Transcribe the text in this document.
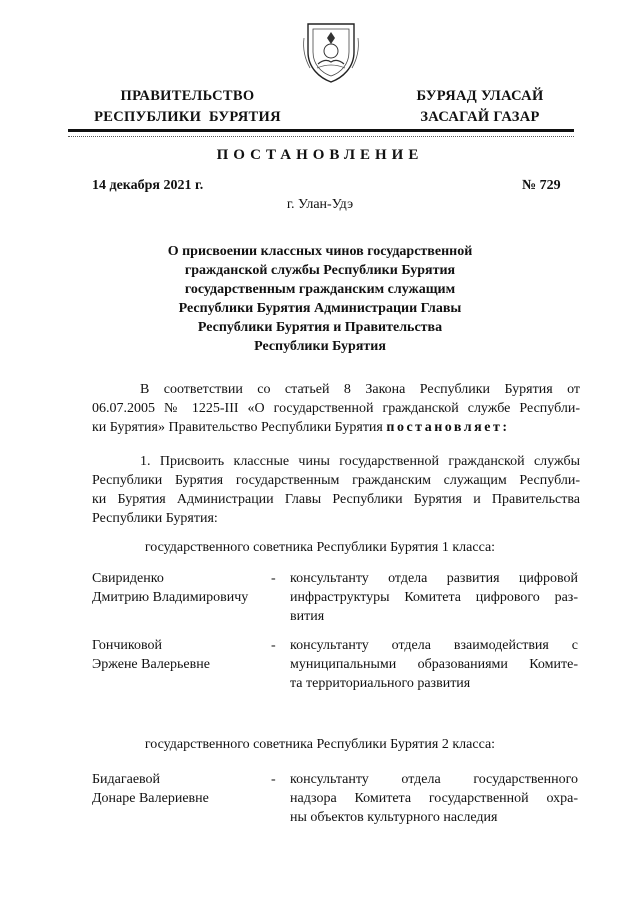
ПРАВИТЕЛЬСТВО
РЕСПУБЛИКИ  БУРЯТИЯ
БУРЯАД УЛАСАЙ
ЗАСАГАЙ ГАЗАР
ПОСТАНОВЛЕНИЕ
14 декабря 2021 г.	№ 729
г. Улан-Удэ
О присвоении классных чинов государственной
гражданской службы Республики Бурятия
государственным гражданским служащим
Республики Бурятия Администрации Главы
Республики Бурятия и Правительства
Республики Бурятия
В соответствии со статьей 8 Закона Республики Бурятия от
06.07.2005 № 1225-III «О государственной гражданской службе Республи-
ки Бурятия» Правительство Республики Бурятия постановляет:
1. Присвоить классные чины государственной гражданской службы
Республики Бурятия государственным гражданским служащим Республи-
ки Бурятия Администрации Главы Республики Бурятия и Правительства
Республики Бурятия:
государственного советника Республики Бурятия 1 класса:
Свириденко
Дмитрию Владимировичу
- консультанту отдела развития цифровой
инфраструктуры Комитета цифрового раз-
вития
Гончиковой
Эржене Валерьевне
- консультанту отдела взаимодействия с
муниципальными образованиями Комите-
та территориального развития
государственного советника Республики Бурятия 2 класса:
Бидагаевой
Донаре Валериевне
- консультанту отдела государственного
надзора Комитета государственной охра-
ны объектов культурного наследия
